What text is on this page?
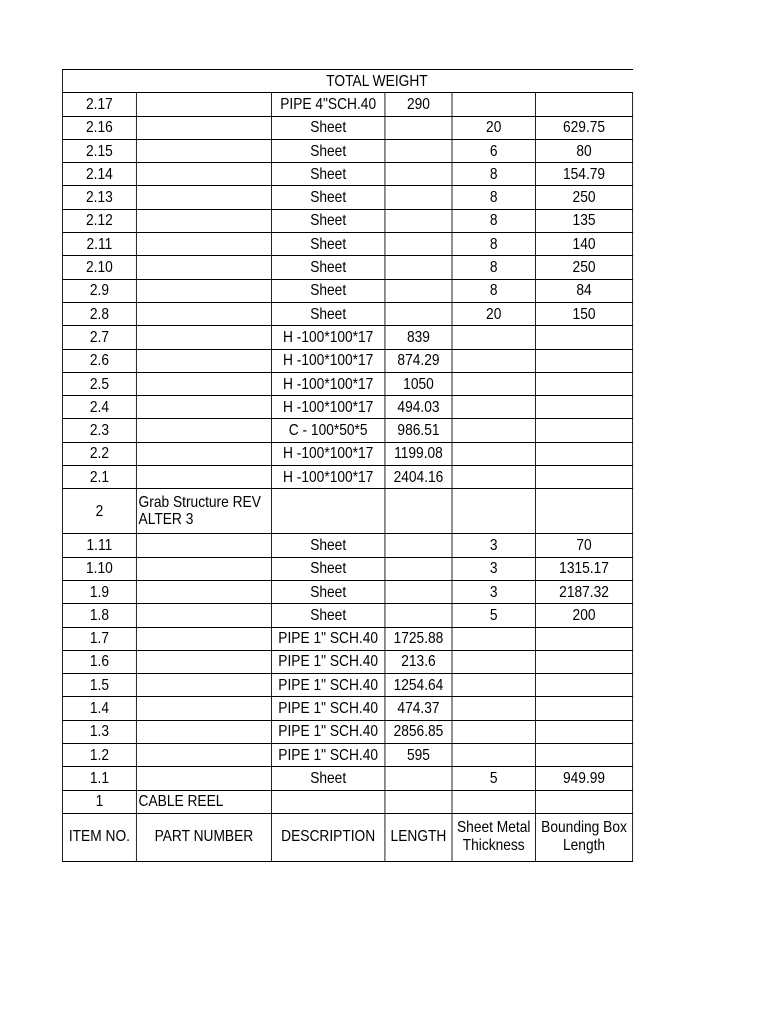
TOTAL WEIGHT					
2.17		PIPE 4"SCH.40	290		
2.16		Sheet		20	629.75
2.15		Sheet		6	80
2.14		Sheet		8	154.79
2.13		Sheet		8	250
2.12		Sheet		8	135
2.11		Sheet		8	140
2.10		Sheet		8	250
2.9		Sheet		8	84
2.8		Sheet		20	150
2.7		H -100*100*17	839		
2.6		H -100*100*17	874.29		
2.5		H -100*100*17	1050		
2.4		H -100*100*17	494.03		
2.3		C - 100*50*5	986.51		
2.2		H -100*100*17	1199.08		
2.1		H -100*100*17	2404.16		
2	Grab Structure REV ALTER 3				
1.11		Sheet		3	70
1.10		Sheet		3	1315.17
1.9		Sheet		3	2187.32
1.8		Sheet		5	200
1.7		PIPE 1" SCH.40	1725.88		
1.6		PIPE 1" SCH.40	213.6		
1.5		PIPE 1" SCH.40	1254.64		
1.4		PIPE 1" SCH.40	474.37		
1.3		PIPE 1" SCH.40	2856.85		
1.2		PIPE 1" SCH.40	595		
1.1		Sheet		5	949.99
1	CABLE REEL				
ITEM NO.	PART NUMBER	DESCRIPTION	LENGTH	Sheet Metal Thickness	Bounding Box Length
